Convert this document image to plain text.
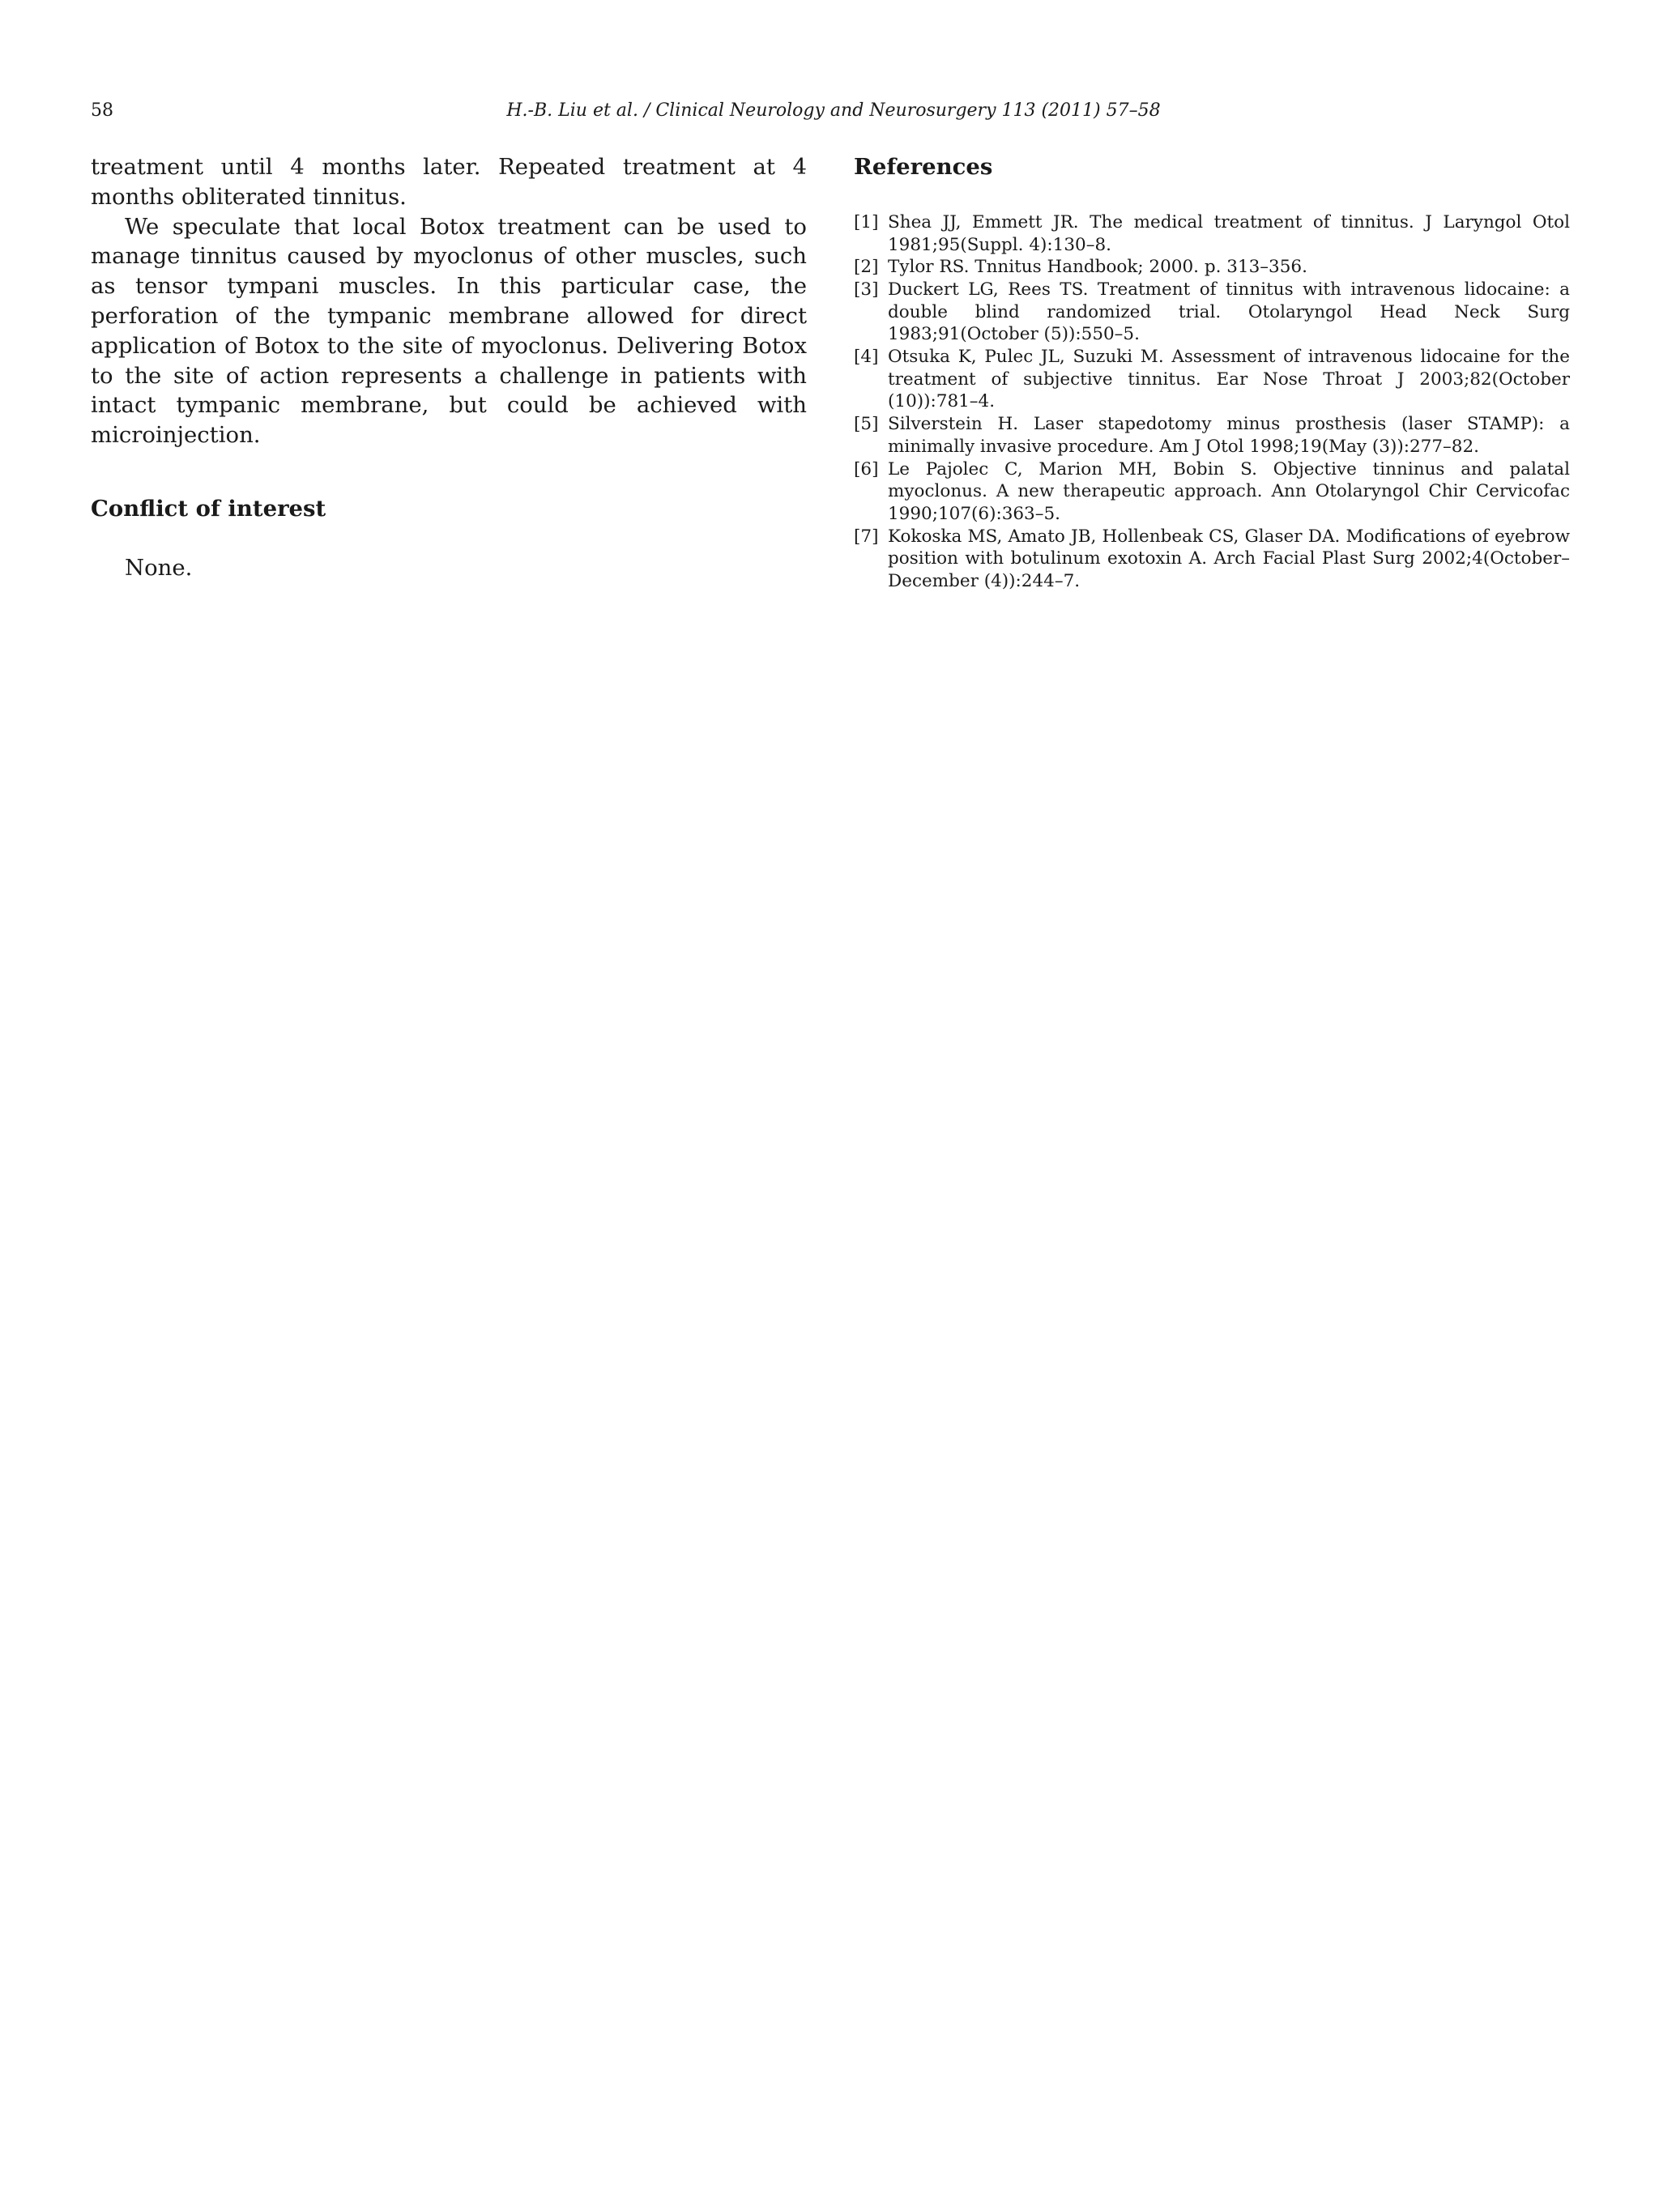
58	H.-B. Liu et al. / Clinical Neurology and Neurosurgery 113 (2011) 57–58

treatment until 4 months later. Repeated treatment at 4 months obliterated tinnitus.

We speculate that local Botox treatment can be used to manage tinnitus caused by myoclonus of other muscles, such as tensor tympani muscles. In this particular case, the perforation of the tympanic membrane allowed for direct application of Botox to the site of myoclonus. Delivering Botox to the site of action represents a challenge in patients with intact tympanic membrane, but could be achieved with microinjection.

Conflict of interest

None.

References
[1] Shea JJ, Emmett JR. The medical treatment of tinnitus. J Laryngol Otol 1981;95(Suppl. 4):130–8.
[2] Tylor RS. Tnnitus Handbook; 2000. p. 313–356.
[3] Duckert LG, Rees TS. Treatment of tinnitus with intravenous lidocaine: a double blind randomized trial. Otolaryngol Head Neck Surg 1983;91(October (5)):550–5.
[4] Otsuka K, Pulec JL, Suzuki M. Assessment of intravenous lidocaine for the treatment of subjective tinnitus. Ear Nose Throat J 2003;82(October (10)):781–4.
[5] Silverstein H. Laser stapedotomy minus prosthesis (laser STAMP): a minimally invasive procedure. Am J Otol 1998;19(May (3)):277–82.
[6] Le Pajolec C, Marion MH, Bobin S. Objective tinninus and palatal myoclonus. A new therapeutic approach. Ann Otolaryngol Chir Cervicofac 1990;107(6):363–5.
[7] Kokoska MS, Amato JB, Hollenbeak CS, Glaser DA. Modifications of eyebrow position with botulinum exotoxin A. Arch Facial Plast Surg 2002;4(October–December (4)):244–7.
